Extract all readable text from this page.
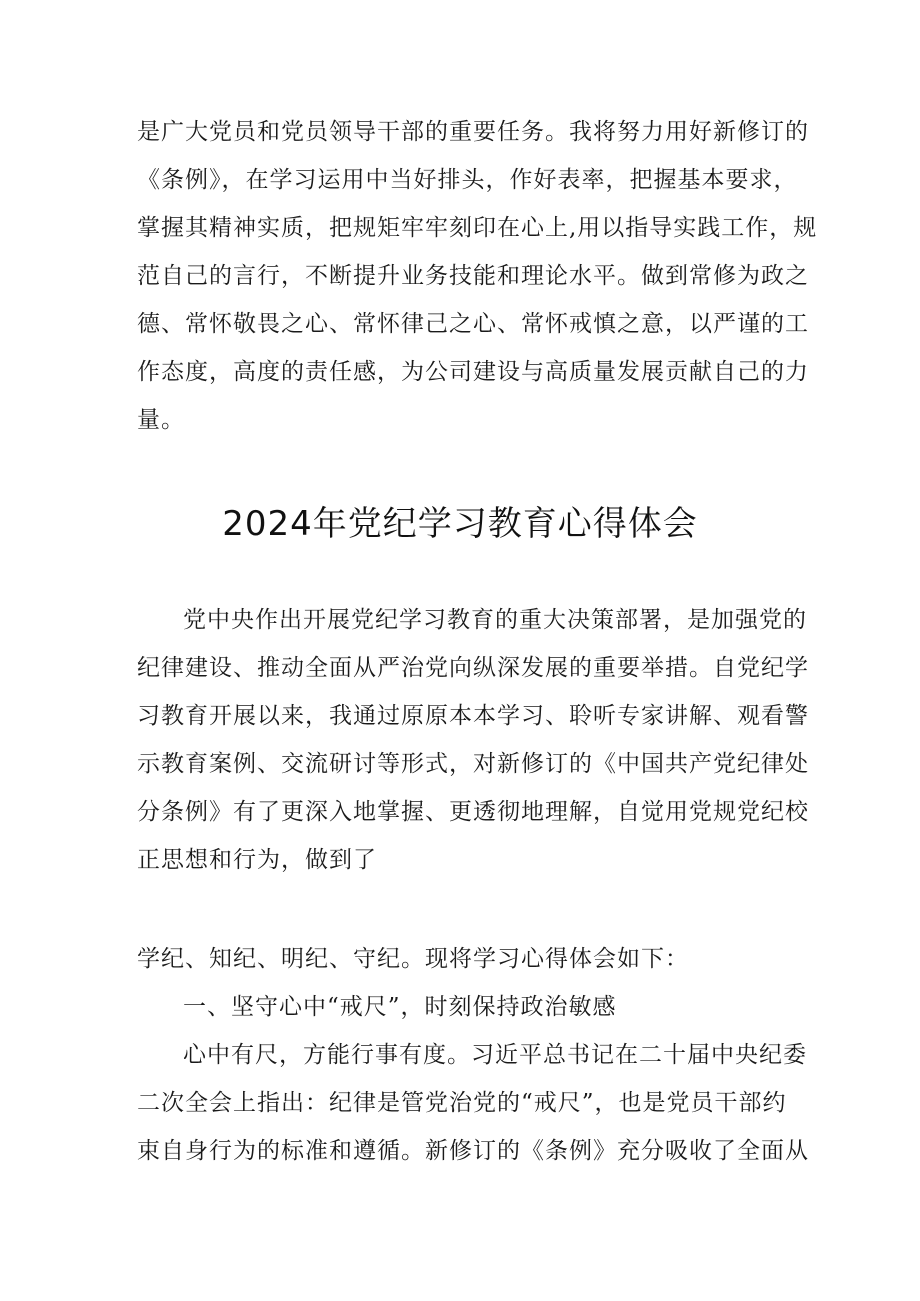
是广大党员和党员领导干部的重要任务。我将努力用好新修订的
《条例》，在学习运用中当好排头，作好表率，把握基本要求，
掌握其精神实质，把规矩牢牢刻印在心上,用以指导实践工作，规
范自己的言行，不断提升业务技能和理论水平。做到常修为政之
德、常怀敬畏之心、常怀律己之心、常怀戒慎之意，以严谨的工
作态度，高度的责任感，为公司建设与高质量发展贡献自己的力
量。
2024年党纪学习教育心得体会
党中央作出开展党纪学习教育的重大决策部署，是加强党的
纪律建设、推动全面从严治党向纵深发展的重要举措。自党纪学
习教育开展以来，我通过原原本本学习、聆听专家讲解、观看警
示教育案例、交流研讨等形式，对新修订的《中国共产党纪律处
分条例》有了更深入地掌握、更透彻地理解，自觉用党规党纪校
正思想和行为，做到了
学纪、知纪、明纪、守纪。现将学习心得体会如下：
一、坚守心中“戒尺”，时刻保持政治敏感
心中有尺，方能行事有度。习近平总书记在二十届中央纪委
二次全会上指出：纪律是管党治党的“戒尺”，也是党员干部约
束自身行为的标准和遵循。新修订的《条例》充分吸收了全面从
